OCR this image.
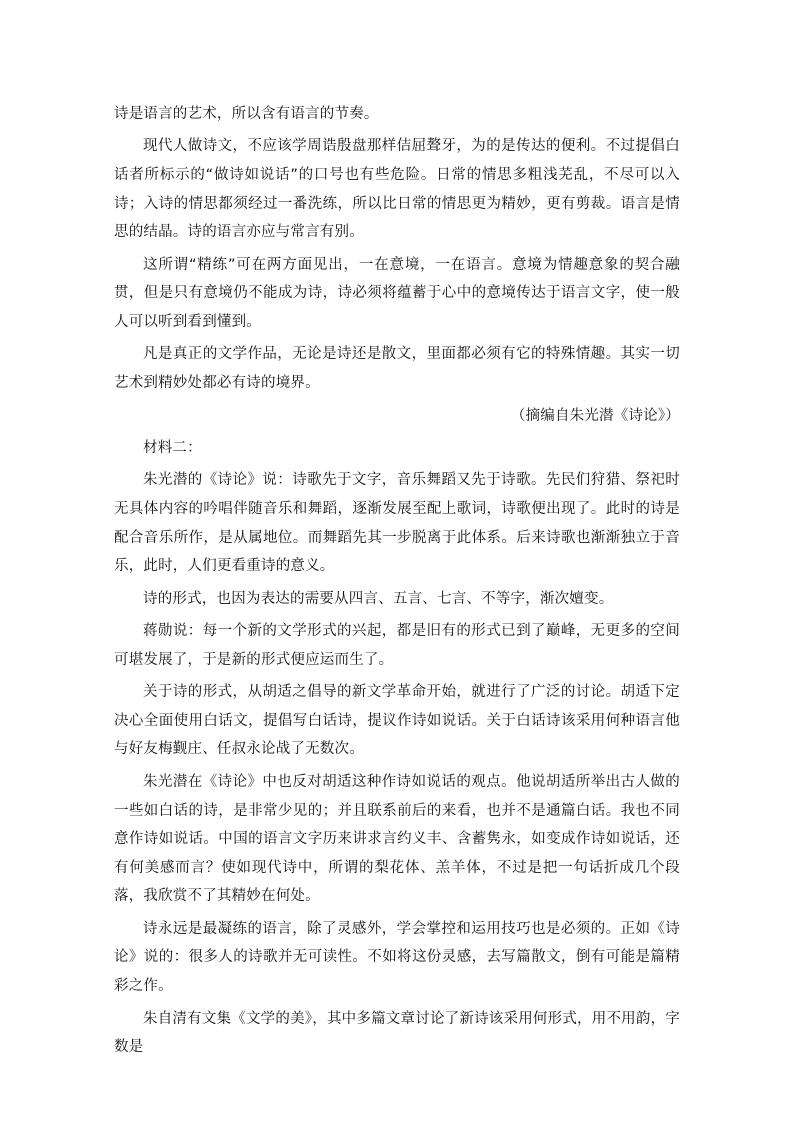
诗是语言的艺术，所以含有语言的节奏。

现代人做诗文，不应该学周诰殷盘那样佶屈聱牙，为的是传达的便利。不过提倡白话者所标示的“做诗如说话”的口号也有些危险。日常的情思多粗浅芜乱，不尽可以入诗；入诗的情思都须经过一番洗练，所以比日常的情思更为精妙，更有剪裁。语言是情思的结晶。诗的语言亦应与常言有别。

这所谓“精练”可在两方面见出，一在意境，一在语言。意境为情趣意象的契合融贯，但是只有意境仍不能成为诗，诗必须将蕴蓄于心中的意境传达于语言文字，使一般人可以听到看到懂到。

凡是真正的文学作品，无论是诗还是散文，里面都必须有它的特殊情趣。其实一切艺术到精妙处都必有诗的境界。

（摘编自朱光潜《诗论》）

材料二：

朱光潜的《诗论》说：诗歌先于文字，音乐舞蹈又先于诗歌。先民们狩猎、祭祀时无具体内容的吟唱伴随音乐和舞蹈，逐渐发展至配上歌词，诗歌便出现了。此时的诗是配合音乐所作，是从属地位。而舞蹈先其一步脱离于此体系。后来诗歌也渐渐独立于音乐，此时，人们更看重诗的意义。

诗的形式，也因为表达的需要从四言、五言、七言、不等字，渐次嬗变。

蒋勋说：每一个新的文学形式的兴起，都是旧有的形式已到了巅峰，无更多的空间可堪发展了，于是新的形式便应运而生了。

关于诗的形式，从胡适之倡导的新文学革命开始，就进行了广泛的讨论。胡适下定决心全面使用白话文，提倡写白话诗，提议作诗如说话。关于白话诗该采用何种语言他与好友梅觐庄、任叔永论战了无数次。

朱光潜在《诗论》中也反对胡适这种作诗如说话的观点。他说胡适所举出古人做的一些如白话的诗，是非常少见的；并且联系前后的来看，也并不是通篇白话。我也不同意作诗如说话。中国的语言文字历来讲求言约义丰、含蓄隽永，如变成作诗如说话，还有何美感而言？使如现代诗中，所谓的梨花体、羔羊体，不过是把一句话折成几个段落，我欣赏不了其精妙在何处。

诗永远是最凝练的语言，除了灵感外，学会掌控和运用技巧也是必须的。正如《诗论》说的：很多人的诗歌并无可读性。不如将这份灵感，去写篇散文，倒有可能是篇精彩之作。

朱自清有文集《文学的美》，其中多篇文章讨论了新诗该采用何形式，用不用韵，字数是
